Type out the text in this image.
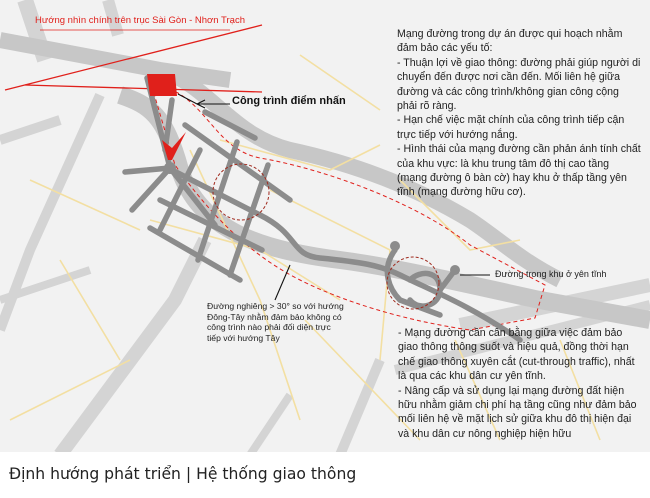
Hướng nhìn chính trên trục Sài Gòn - Nhơn Trạch
Công trình điểm nhấn
Đường trong khu ở yên tĩnh
Đường nghiêng > 30° so với hướng
Đông-Tây nhằm đảm bảo không có
công trình nào phải đối diện trực
tiếp với hướng Tây

Mạng đường trong dự án được qui hoạch nhằm đảm bảo các yếu tố:

- Thuận lợi về giao thông: đường phải giúp người di chuyển đến được nơi cần đến. Mối liên hệ giữa đường và các công trình/không gian công cộng phải rõ ràng.

- Hạn chế việc mặt chính của công trình tiếp cận trực tiếp với hướng nắng.

- Hình thái của mạng đường cần phản ánh tính chất của khu vực: là khu trung tâm đô thị cao tầng (mạng đường ô bàn cờ) hay khu ở thấp tầng yên tĩnh (mạng đường hữu cơ).

- Mạng đường cần cân bằng giữa việc đảm bảo giao thông thông suốt và hiệu quả, đồng thời hạn chế giao thông xuyên cắt (cut-through traffic), nhất là qua các khu dân cư yên tĩnh.

- Nâng cấp và sử dụng lại mạng đường đất hiện hữu nhằm giảm chi phí hạ tầng cũng như đảm bảo mối liên hệ về mặt lịch sử giữa khu đô thị hiện đại và khu dân cư nông nghiệp hiện hữu

Định hướng phát triển | Hệ thống giao thông
